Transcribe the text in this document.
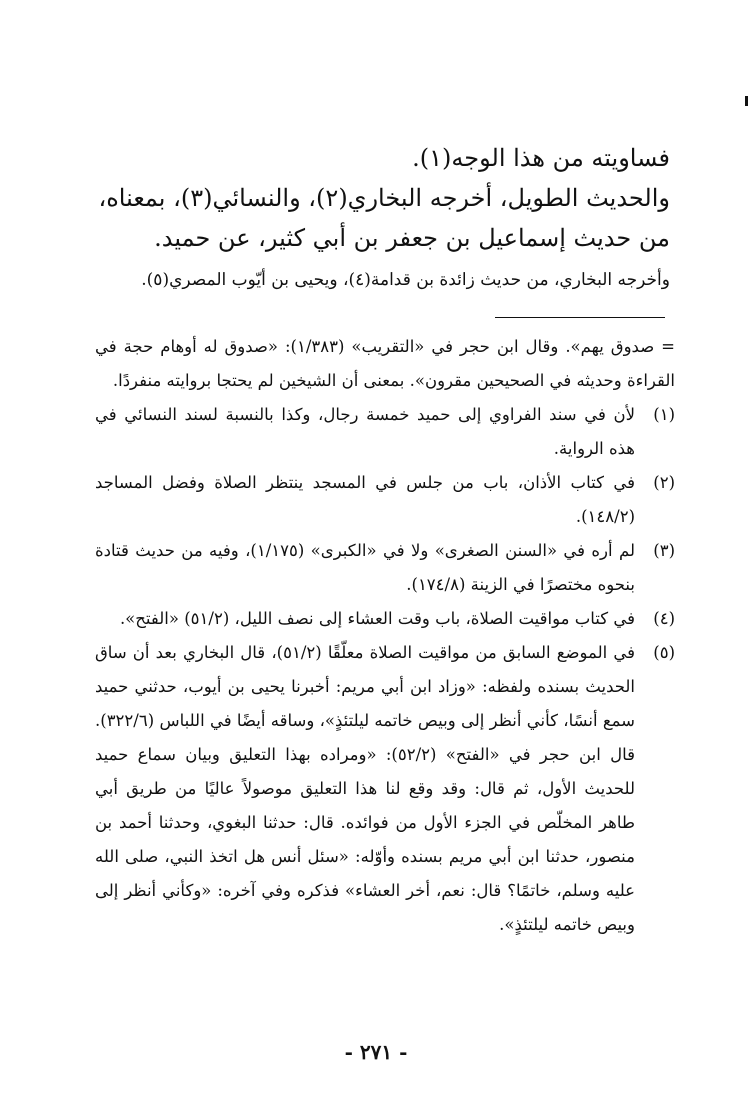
فساويته من هذا الوجه(١).
والحديث الطويل، أخرجه البخاري(٢)، والنسائي(٣)، بمعناه،
من حديث إسماعيل بن جعفر بن أبي كثير، عن حميد.
وأخرجه البخاري، من حديث زائدة بن قدامة(٤)، ويحيى بن أيّوب المصري(٥).
= صدوق يهم». وقال ابن حجر في «التقريب» (١/٣٨٣): «صدوق له أوهام حجة في القراءة وحديثه في الصحيحين مقرون». بمعنى أن الشيخين لم يحتجا بروايته منفردًا.
(١)
لأن في سند الفراوي إلى حميد خمسة رجال، وكذا بالنسبة لسند النسائي في هذه الرواية.
(٢)
في كتاب الأذان، باب من جلس في المسجد ينتظر الصلاة وفضل المساجد (١٤٨/٢).
(٣)
لم أره في «السنن الصغرى» ولا في «الكبرى» (١/١٧٥)، وفيه من حديث قتادة بنحوه مختصرًا في الزينة (١٧٤/٨).
(٤)
في كتاب مواقيت الصلاة، باب وقت العشاء إلى نصف الليل، (٥١/٢) «الفتح».
(٥)
في الموضع السابق من مواقيت الصلاة معلّقًا (٥١/٢)، قال البخاري بعد أن ساق الحديث بسنده ولفظه: «وزاد ابن أبي مريم: أخبرنا يحيى بن أيوب، حدثني حميد سمع أنسًا، كأني أنظر إلى وبيص خاتمه ليلتئذٍ»، وساقه أيضًا في اللباس (٣٢٢/٦). قال ابن حجر في «الفتح» (٥٢/٢): «ومراده بهذا التعليق وبيان سماع حميد للحديث الأول، ثم قال: وقد وقع لنا هذا التعليق موصولاً عاليًا من طريق أبي طاهر المخلّص في الجزء الأول من فوائده. قال: حدثنا البغوي، وحدثنا أحمد بن منصور، حدثنا ابن أبي مريم بسنده وأوّله: «سئل أنس هل اتخذ النبي، صلى الله عليه وسلم، خاتمًا؟ قال: نعم، أخر العشاء» فذكره وفي آخره: «وكأني أنظر إلى وبيص خاتمه ليلتئذٍ».
- ٢٧١ -
